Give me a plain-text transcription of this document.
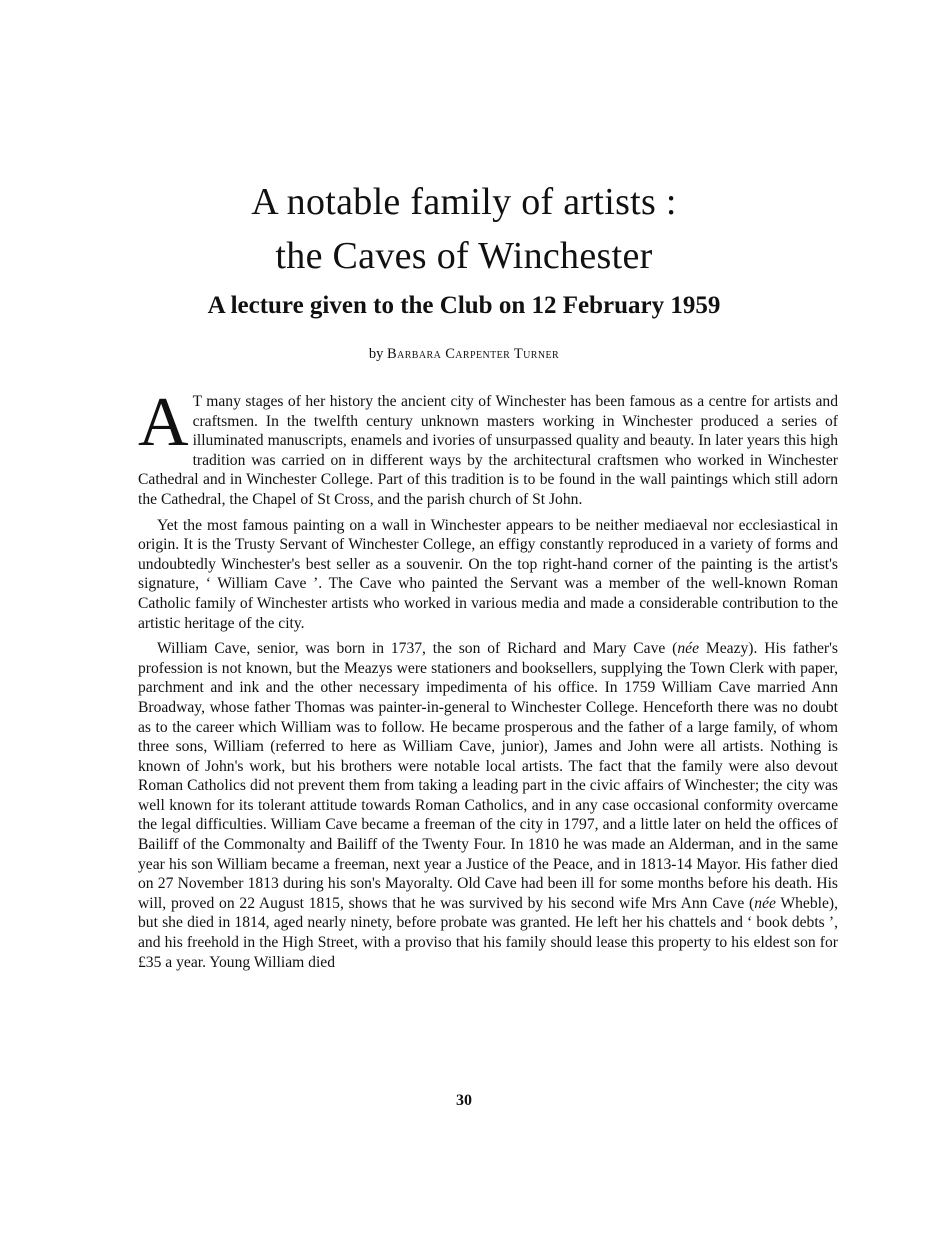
A notable family of artists :
the Caves of Winchester
A lecture given to the Club on 12 February 1959

by Barbara Carpenter Turner

A T many stages of her history the ancient city of Winchester has been famous as a centre for artists and craftsmen. In the twelfth century unknown masters working in Winchester produced a series of illuminated manuscripts, enamels and ivories of unsurpassed quality and beauty. In later years this high tradition was carried on in different ways by the architectural craftsmen who worked in Winchester Cathedral and in Winchester College. Part of this tradition is to be found in the wall paintings which still adorn the Cathedral, the Chapel of St Cross, and the parish church of St John.

Yet the most famous painting on a wall in Winchester appears to be neither mediaeval nor ecclesiastical in origin. It is the Trusty Servant of Winchester College, an effigy constantly reproduced in a variety of forms and undoubtedly Winchester's best seller as a souvenir. On the top right-hand corner of the painting is the artist's signature, ‘ William Cave ’. The Cave who painted the Servant was a member of the well-known Roman Catholic family of Winchester artists who worked in various media and made a considerable contribution to the artistic heritage of the city.

William Cave, senior, was born in 1737, the son of Richard and Mary Cave (née Meazy). His father's profession is not known, but the Meazys were stationers and booksellers, supplying the Town Clerk with paper, parchment and ink and the other necessary impedimenta of his office. In 1759 William Cave married Ann Broadway, whose father Thomas was painter-in-general to Winchester College. Henceforth there was no doubt as to the career which William was to follow. He became prosperous and the father of a large family, of whom three sons, William (referred to here as William Cave, junior), James and John were all artists. Nothing is known of John's work, but his brothers were notable local artists. The fact that the family were also devout Roman Catholics did not prevent them from taking a leading part in the civic affairs of Winchester; the city was well known for its tolerant attitude towards Roman Catholics, and in any case occasional conformity overcame the legal difficulties. William Cave became a freeman of the city in 1797, and a little later on held the offices of Bailiff of the Commonalty and Bailiff of the Twenty Four. In 1810 he was made an Alderman, and in the same year his son William became a freeman, next year a Justice of the Peace, and in 1813-14 Mayor. His father died on 27 November 1813 during his son's Mayoralty. Old Cave had been ill for some months before his death. His will, proved on 22 August 1815, shows that he was survived by his second wife Mrs Ann Cave (née Wheble), but she died in 1814, aged nearly ninety, before probate was granted. He left her his chattels and ‘ book debts ’, and his freehold in the High Street, with a proviso that his family should lease this property to his eldest son for £35 a year. Young William died

30
